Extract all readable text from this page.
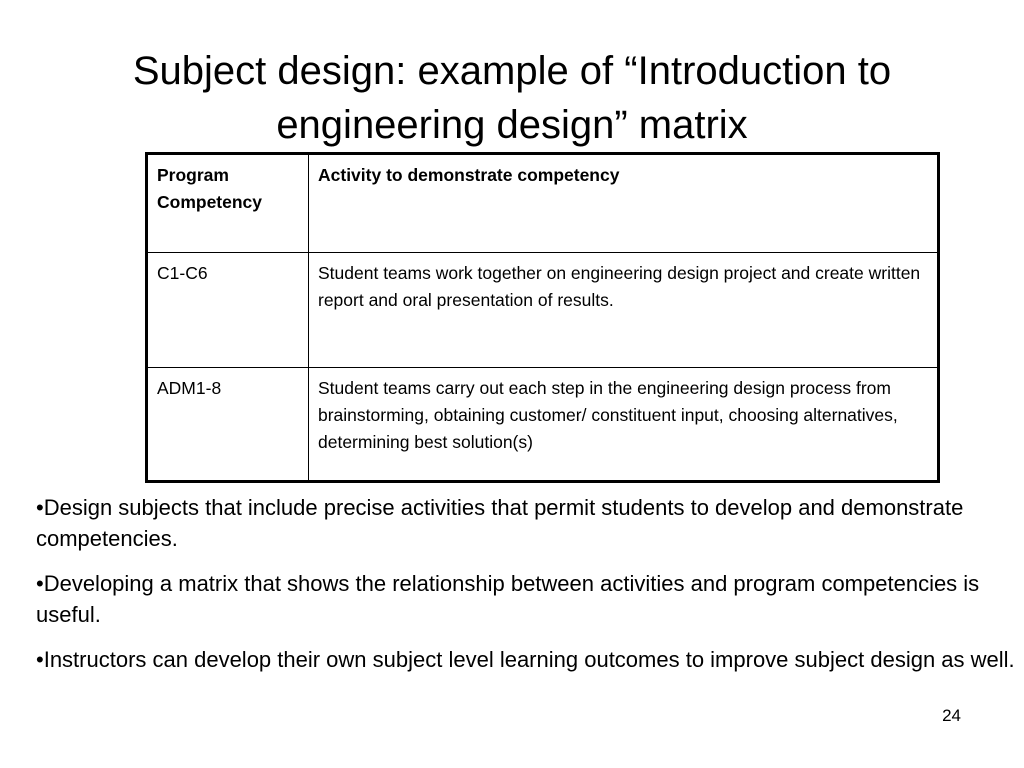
Subject design: example of “Introduction to
engineering design” matrix
Program Competency	Activity to demonstrate competency
C1-C6	Student teams work together on engineering design project and create written report and oral presentation of results.
ADM1-8	Student teams carry out each step in the engineering design process from brainstorming, obtaining customer/ constituent input, choosing alternatives, determining best solution(s)
•Design subjects that include precise activities that permit students to develop and demonstrate competencies.
•Developing a matrix that shows the relationship between activities and program competencies is useful.
•Instructors can develop their own subject level learning outcomes to improve subject design as well.
24
